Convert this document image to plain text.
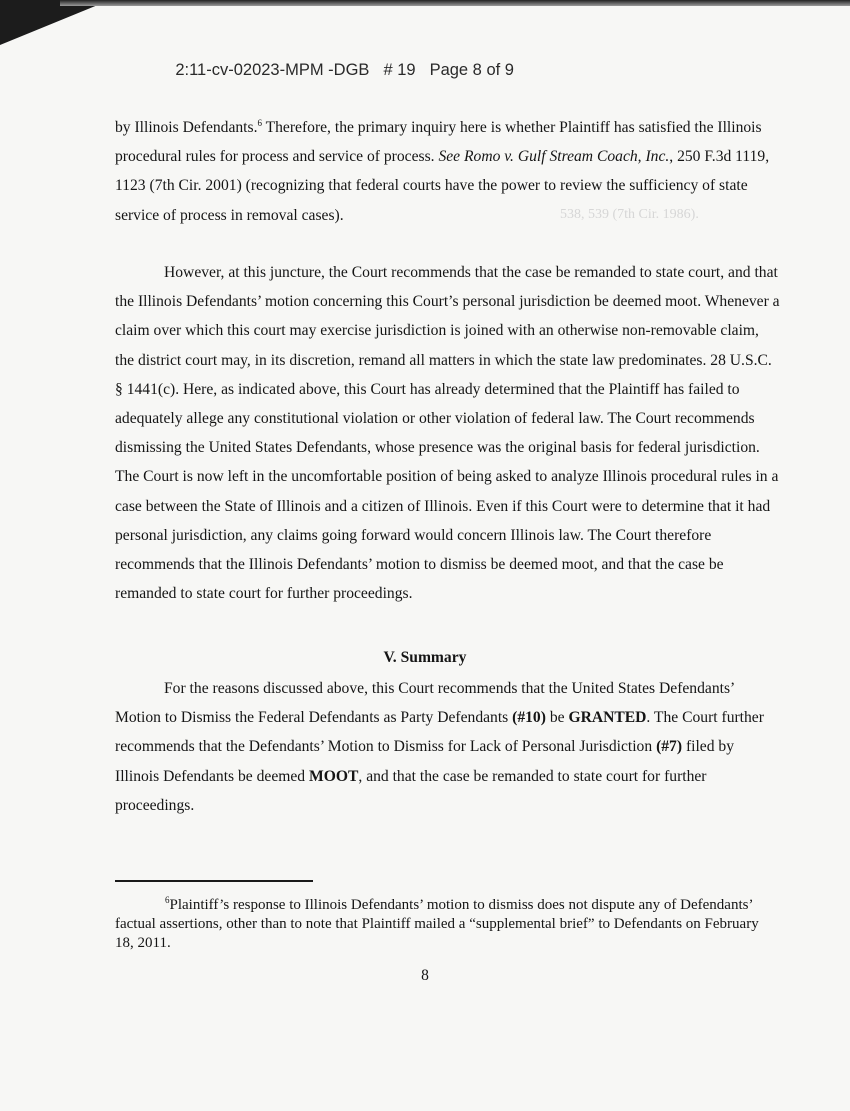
2:11-cv-02023-MPM -DGB # 19 Page 8 of 9

538, 539 (7th Cir. 1986).

by Illinois Defendants.$^6$ Therefore, the primary inquiry here is whether Plaintiff has satisfied the Illinois procedural rules for process and service of process. See Romo v. Gulf Stream Coach, Inc., 250 F.3d 1119, 1123 (7th Cir. 2001) (recognizing that federal courts have the power to review the sufficiency of state service of process in removal cases).

However, at this juncture, the Court recommends that the case be remanded to state court, and that the Illinois Defendants’ motion concerning this Court’s personal jurisdiction be deemed moot. Whenever a claim over which this court may exercise jurisdiction is joined with an otherwise non-removable claim, the district court may, in its discretion, remand all matters in which the state law predominates. 28 U.S.C. § 1441(c). Here, as indicated above, this Court has already determined that the Plaintiff has failed to adequately allege any constitutional violation or other violation of federal law. The Court recommends dismissing the United States Defendants, whose presence was the original basis for federal jurisdiction. The Court is now left in the uncomfortable position of being asked to analyze Illinois procedural rules in a case between the State of Illinois and a citizen of Illinois. Even if this Court were to determine that it had personal jurisdiction, any claims going forward would concern Illinois law. The Court therefore recommends that the Illinois Defendants’ motion to dismiss be deemed moot, and that the case be remanded to state court for further proceedings.

V. Summary

For the reasons discussed above, this Court recommends that the United States Defendants’ Motion to Dismiss the Federal Defendants as Party Defendants (#10) be GRANTED. The Court further recommends that the Defendants’ Motion to Dismiss for Lack of Personal Jurisdiction (#7) filed by Illinois Defendants be deemed MOOT, and that the case be remanded to state court for further proceedings.

$^6$Plaintiff’s response to Illinois Defendants’ motion to dismiss does not dispute any of Defendants’ factual assertions, other than to note that Plaintiff mailed a “supplemental brief” to Defendants on February 18, 2011.
8
